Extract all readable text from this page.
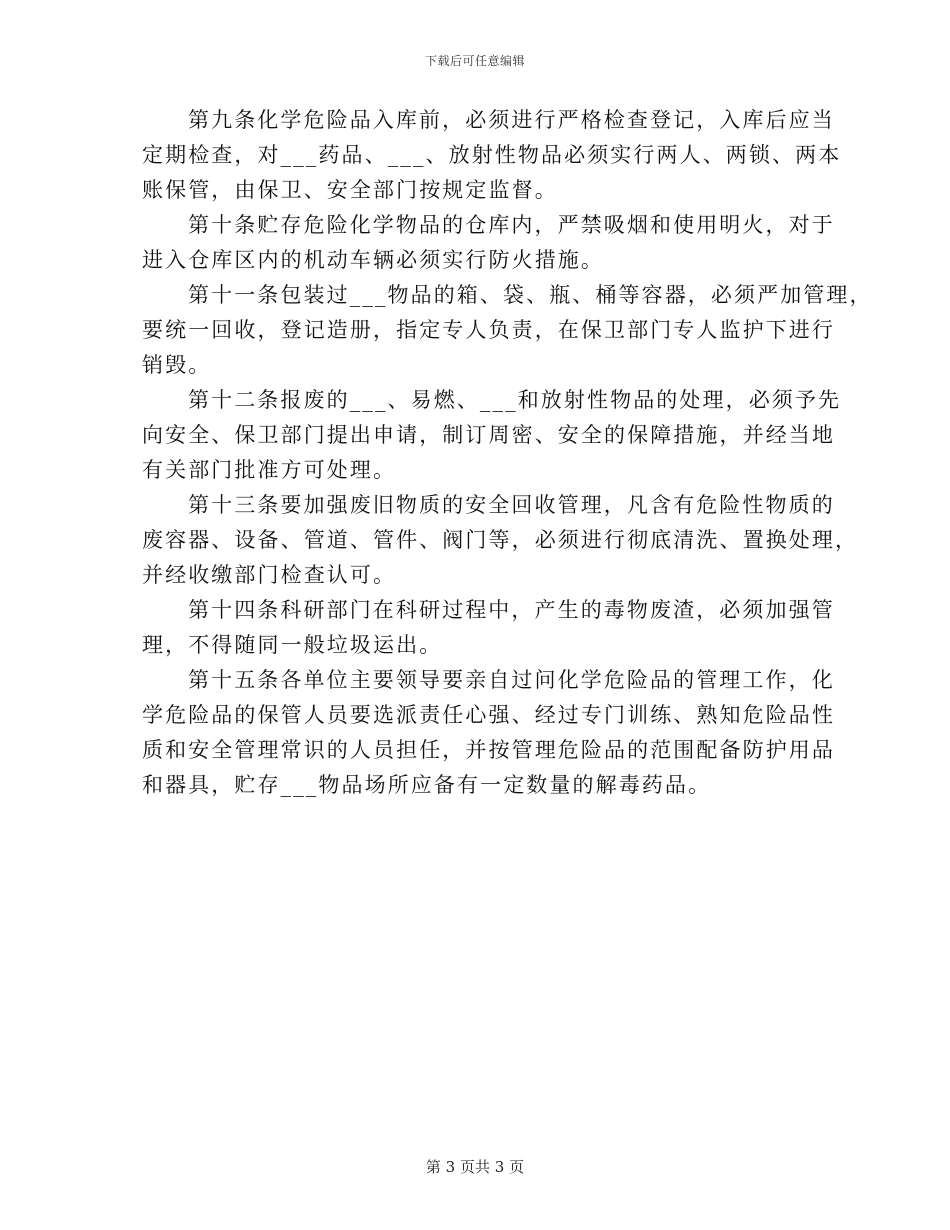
下载后可任意编辑
第九条化学危险品入库前，必须进行严格检查登记，入库后应当
定期检查，对___药品、___、放射性物品必须实行两人、两锁、两本
账保管，由保卫、安全部门按规定监督。
第十条贮存危险化学物品的仓库内，严禁吸烟和使用明火，对于
进入仓库区内的机动车辆必须实行防火措施。
第十一条包装过___物品的箱、袋、瓶、桶等容器，必须严加管理，
要统一回收，登记造册，指定专人负责，在保卫部门专人监护下进行
销毁。
第十二条报废的___、易燃、___和放射性物品的处理，必须予先
向安全、保卫部门提出申请，制订周密、安全的保障措施，并经当地
有关部门批准方可处理。
第十三条要加强废旧物质的安全回收管理，凡含有危险性物质的
废容器、设备、管道、管件、阀门等，必须进行彻底清洗、置换处理，
并经收缴部门检查认可。
第十四条科研部门在科研过程中，产生的毒物废渣，必须加强管
理，不得随同一般垃圾运出。
第十五条各单位主要领导要亲自过问化学危险品的管理工作，化
学危险品的保管人员要选派责任心强、经过专门训练、熟知危险品性
质和安全管理常识的人员担任，并按管理危险品的范围配备防护用品
和器具，贮存___物品场所应备有一定数量的解毒药品。
第 3 页共 3 页
